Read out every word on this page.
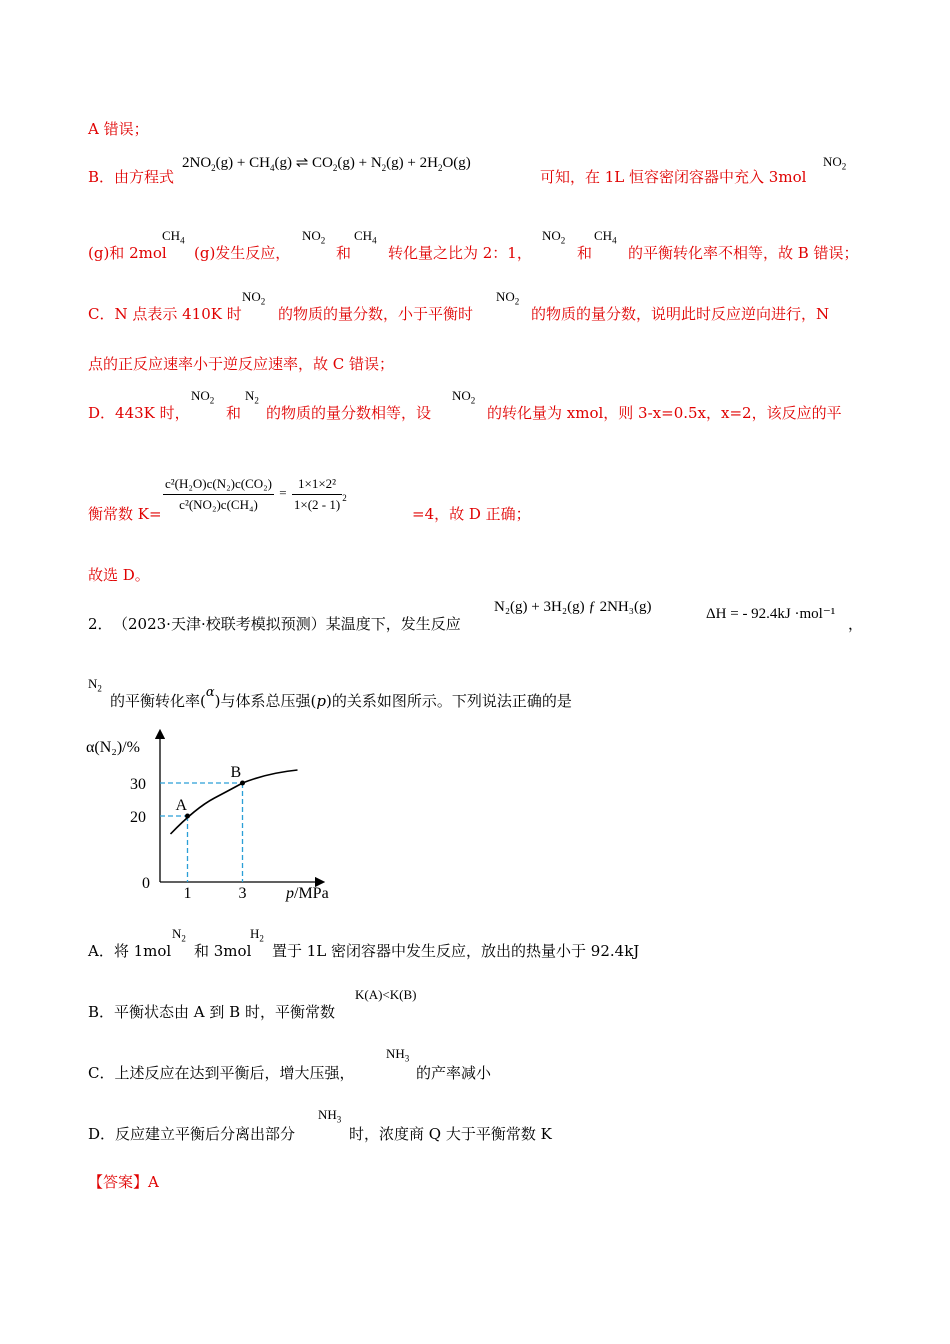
A 错误；
B．由方程式
$2NO_2(g) + CH_4(g)$ ⇌ $CO_2(g) + N_2(g) + 2H_2O(g)$
可知，在 1L 恒容密闭容器中充入 3mol
$NO_2$
(g)和 2mol
$CH_4$
(g)发生反应，
$NO_2$
和
$CH_4$
转化量之比为 2：1，
$NO_2$
和
$CH_4$
的平衡转化率不相等，故 B 错误；
C．N 点表示 410K 时
$NO_2$
的物质的量分数，小于平衡时
$NO_2$
的物质的量分数，说明此时反应逆向进行，N
点的正反应速率小于逆反应速率，故 C 错误；
D．443K 时，
$NO_2$
和
$N_2$
的物质的量分数相等，设
$NO_2$
的转化量为 xmol，则 3-x=0.5x，x=2，该反应的平
衡常数 K=
$\frac{\text{c²(H₂O)c(N₂)c(CO₂)}}{\text{c²(NO₂)c(CH₄)}} = \frac{\text{1×1×2²}}{1\times(2 - 1)} _2$
=4，故 D 正确；
故选 D。
2． （2023·天津·校联考模拟预测）某温度下，发生反应
N₂(g) + 3H₂(g) ƒ 2NH₃(g)	ΔH = - 92.4kJ ·mol⁻¹
，
$N_2$
的平衡转化率(α)与体系总压强(p)的关系如图所示。下列说法正确的是
α(N₂)/%
p/MPa
0
20
30
1	3
A
B
A．将 1mol
$N_2$
和 3mol
$H_2$
置于 1L 密闭容器中发生反应，放出的热量小于 92.4kJ
B．平衡状态由 A 到 B 时，平衡常数
K(A)<K(B)
C．上述反应在达到平衡后，增大压强，
$NH_3$
的产率减小
D．反应建立平衡后分离出部分
$NH_3$
时，浓度商 Q 大于平衡常数 K
【答案】A
